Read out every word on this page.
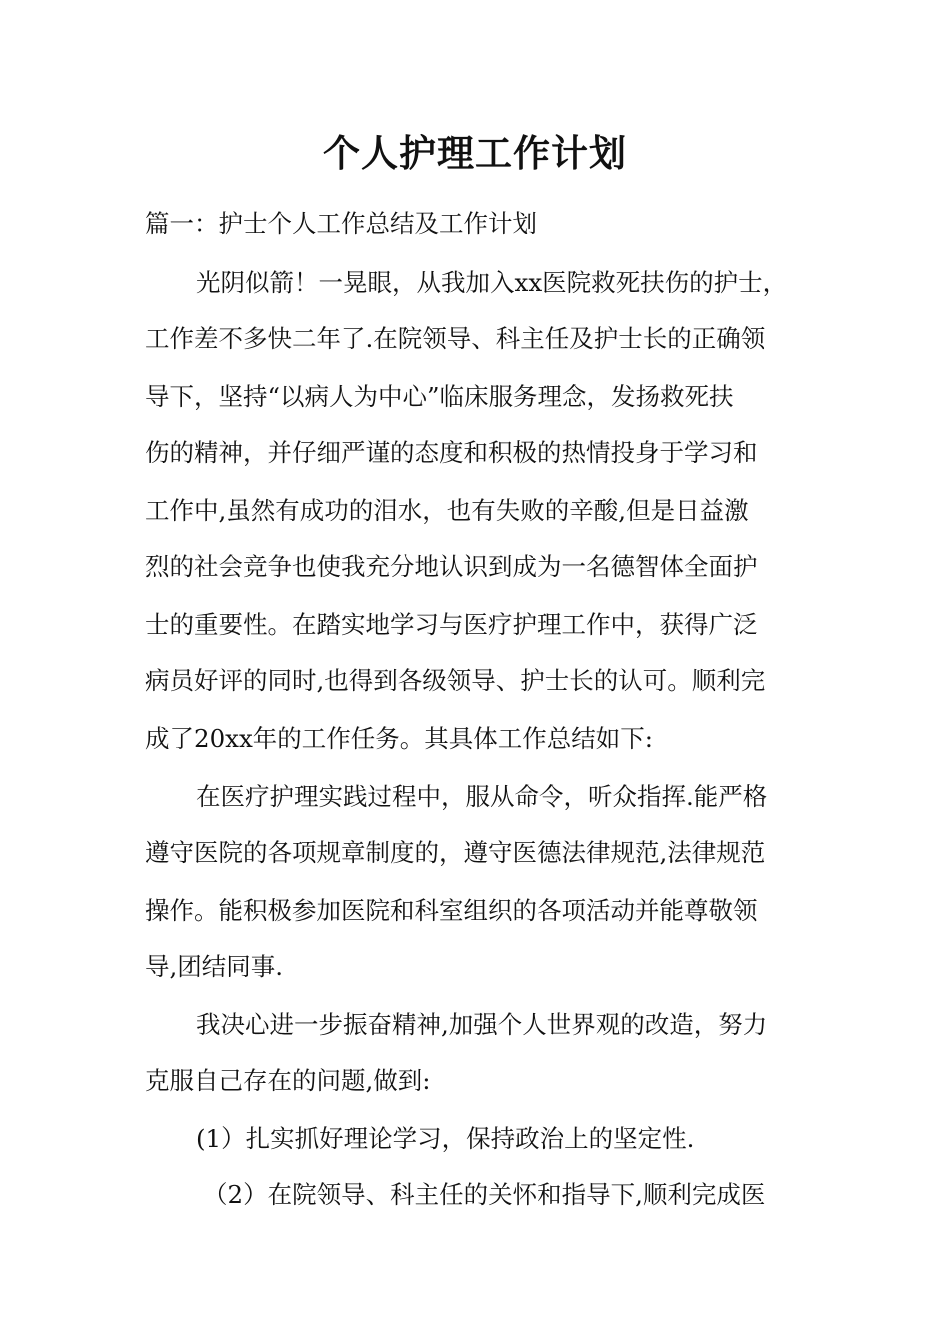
个人护理工作计划
篇一：护士个人工作总结及工作计划
光阴似箭！一晃眼，从我加入xx医院救死扶伤的护士，
工作差不多快二年了.在院领导、科主任及护士长的正确领
导下，坚持“以病人为中心”临床服务理念，发扬救死扶
伤的精神，并仔细严谨的态度和积极的热情投身于学习和
工作中,虽然有成功的泪水，也有失败的辛酸,但是日益激
烈的社会竞争也使我充分地认识到成为一名德智体全面护
士的重要性。在踏实地学习与医疗护理工作中，获得广泛
病员好评的同时,也得到各级领导、护士长的认可。顺利完
成了20xx年的工作任务。其具体工作总结如下:
在医疗护理实践过程中，服从命令，听众指挥.能严格
遵守医院的各项规章制度的，遵守医德法律规范,法律规范
操作。能积极参加医院和科室组织的各项活动并能尊敬领
导,团结同事.
我决心进一步振奋精神,加强个人世界观的改造，努力
克服自己存在的问题,做到:
(1）扎实抓好理论学习，保持政治上的坚定性.
（2）在院领导、科主任的关怀和指导下,顺利完成医
